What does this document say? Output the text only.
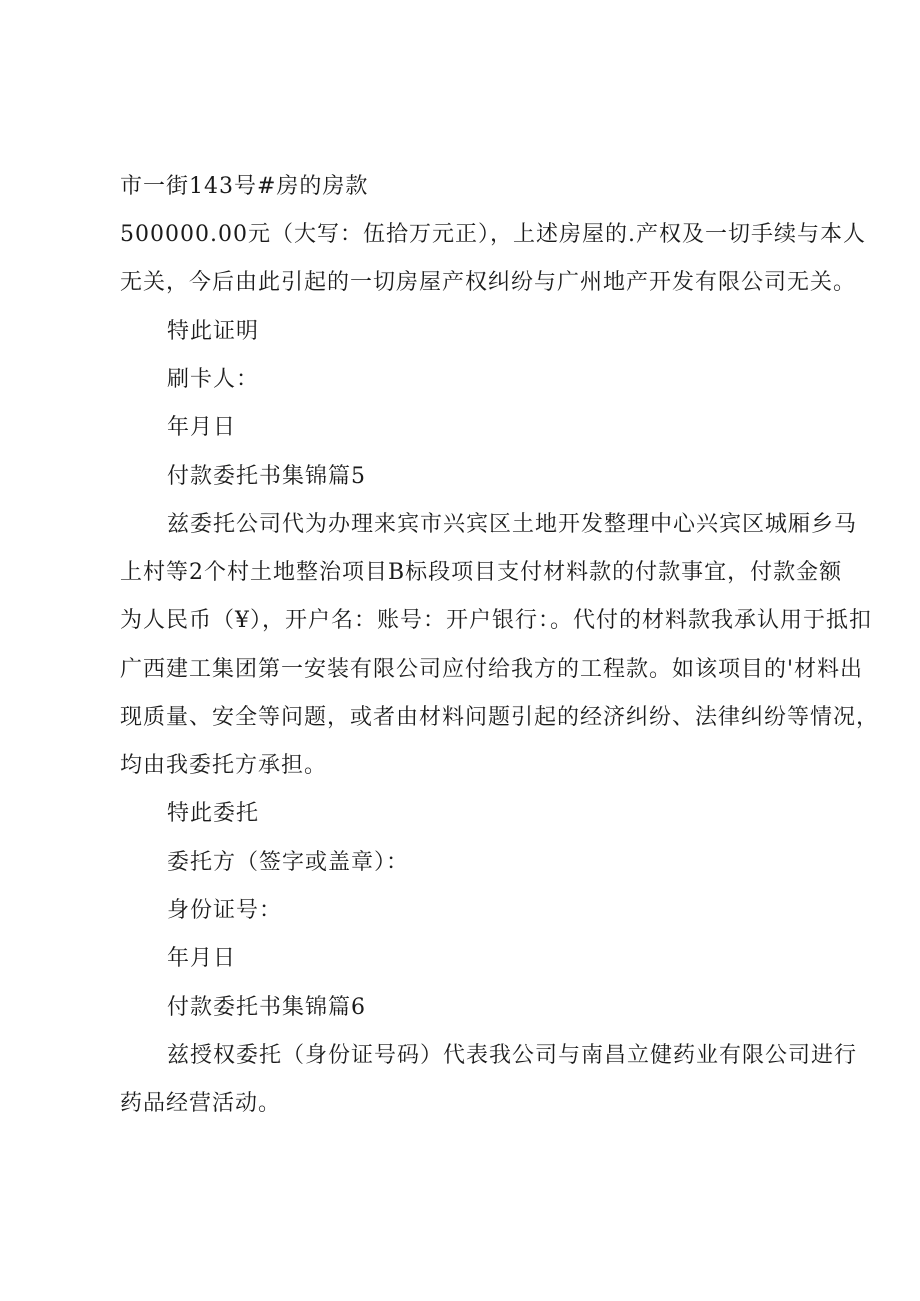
市一街143号#房的房款
500000.00元（大写：伍拾万元正），上述房屋的.产权及一切手续与本人
无关，今后由此引起的一切房屋产权纠纷与广州地产开发有限公司无关。
特此证明
刷卡人：
年月日
付款委托书集锦篇5
兹委托公司代为办理来宾市兴宾区土地开发整理中心兴宾区城厢乡马
上村等2个村土地整治项目B标段项目支付材料款的付款事宜，付款金额
为人民币（¥），开户名：账号：开户银行：。代付的材料款我承认用于抵扣
广西建工集团第一安装有限公司应付给我方的工程款。如该项目的'材料出
现质量、安全等问题，或者由材料问题引起的经济纠纷、法律纠纷等情况，
均由我委托方承担。
特此委托
委托方（签字或盖章）：
身份证号：
年月日
付款委托书集锦篇6
兹授权委托（身份证号码）代表我公司与南昌立健药业有限公司进行
药品经营活动。
